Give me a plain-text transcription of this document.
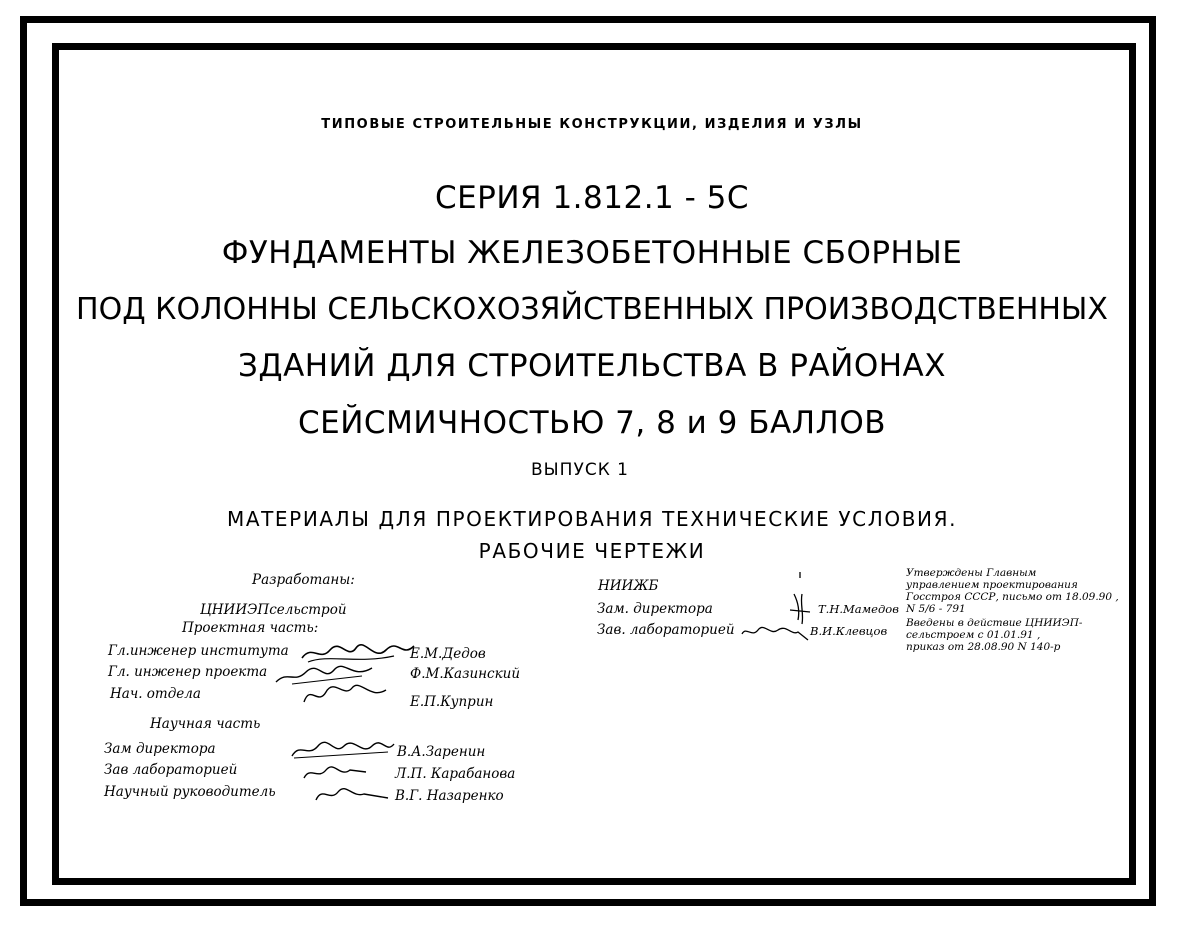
ТИПОВЫЕ СТРОИТЕЛЬНЫЕ КОНСТРУКЦИИ, ИЗДЕЛИЯ И УЗЛЫ
СЕРИЯ 1.812.1 - 5С
ФУНДАМЕНТЫ ЖЕЛЕЗОБЕТОННЫЕ СБОРНЫЕ
ПОД КОЛОННЫ СЕЛЬСКОХОЗЯЙСТВЕННЫХ ПРОИЗВОДСТВЕННЫХ
ЗДАНИЙ ДЛЯ СТРОИТЕЛЬСТВА В РАЙОНАХ
СЕЙСМИЧНОСТЬЮ 7, 8 и 9 БАЛЛОВ
ВЫПУСК 1
МАТЕРИАЛЫ ДЛЯ ПРОЕКТИРОВАНИЯ ТЕХНИЧЕСКИЕ УСЛОВИЯ.
РАБОЧИЕ ЧЕРТЕЖИ
Разработаны:
ЦНИИЭПсельстрой
Проектная часть:
Гл.инженер института	Е.М.Дедов
Гл. инженер проекта	Ф.М.Казинский
Нач. отдела	Е.П.Куприн
Научная часть
Зам директора	В.А.Заренин
Зав лабораторией	Л.П. Карабанова
Научный руководитель	В.Г. Назаренко
НИИЖБ
Зам. директора	Т.Н.Мамедов
Зав. лабораторией	В.И.Клевцов
Утверждены Главным
управлением проектирования
Госстроя СССР, письмо от 18.09.90 ,
N 5/6 - 791
Введены в действие ЦНИИЭП-
сельстроем с 01.01.91 ,
приказ от 28.08.90 N 140-р
